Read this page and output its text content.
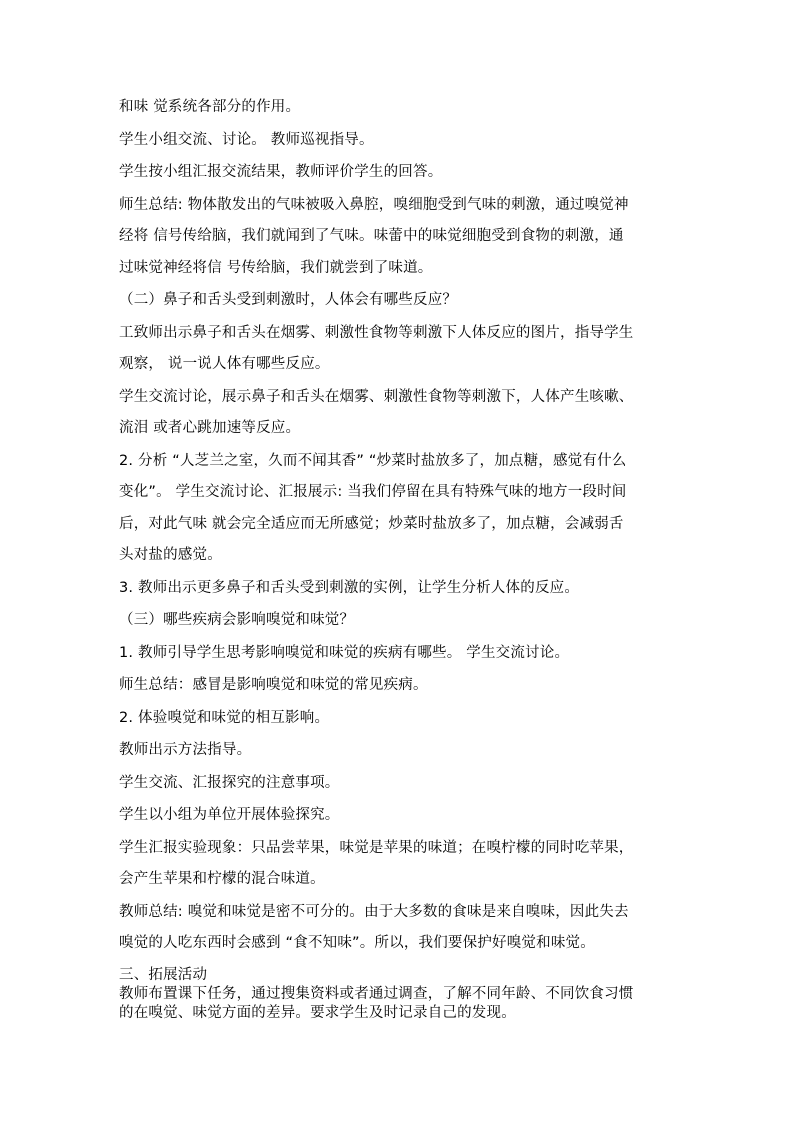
和味 觉系统各部分的作用。
学生小组交流、讨论。 教师巡视指导。
学生按小组汇报交流结果，教师评价学生的回答。
师生总结: 物体散发出的气味被吸入鼻腔，嗅细胞受到气味的刺激，通过嗅觉神
经将 信号传给脑，我们就闻到了气味。味蕾中的味觉细胞受到食物的刺激，通
过味觉神经将信 号传给脑，我们就尝到了味道。
（二）鼻子和舌头受到刺激时，人体会有哪些反应？
工致师出示鼻子和舌头在烟雾、刺激性食物等刺激下人体反应的图片，指导学生
观察， 说一说人体有哪些反应。
学生交流讨论，展示鼻子和舌头在烟雾、刺激性食物等刺激下，人体产生咳嗽、
流泪 或者心跳加速等反应。
2. 分析 “人芝兰之室，久而不闻其香” “炒菜时盐放多了，加点糖，感觉有什么
变化”。 学生交流讨论、汇报展示: 当我们停留在具有特殊气味的地方一段时间
后，对此气味 就会完全适应而无所感觉；炒菜时盐放多了，加点糖，会减弱舌
头对盐的感觉。
3. 教师出示更多鼻子和舌头受到刺激的实例，让学生分析人体的反应。
（三）哪些疾病会影响嗅觉和味觉？
1. 教师引导学生思考影响嗅觉和味觉的疾病有哪些。 学生交流讨论。
师生总结：感冒是影响嗅觉和味觉的常见疾病。
2. 体验嗅觉和味觉的相互影响。
教师出示方法指导。
学生交流、汇报探究的注意事项。
学生以小组为单位开展体验探究。
学生汇报实验现象：只品尝苹果，味觉是苹果的味道；在嗅柠檬的同时吃苹果，
会产生苹果和柠檬的混合味道。
教师总结: 嗅觉和味觉是密不可分的。由于大多数的食味是来自嗅味，因此失去
嗅觉的人吃东西时会感到 “食不知味”。所以，我们要保护好嗅觉和味觉。
三、拓展活动
教师布置课下任务，通过搜集资料或者通过调查，了解不同年龄、不同饮食习惯
的在嗅觉、味觉方面的差异。要求学生及时记录自己的发现。
